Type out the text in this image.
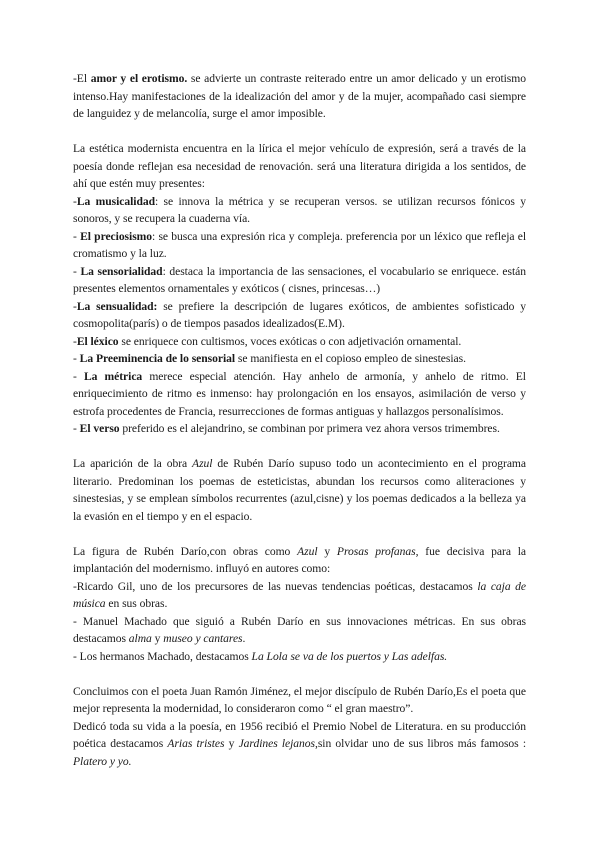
-El amor y el erotismo. se advierte un contraste reiterado entre un amor delicado y un erotismo intenso.Hay manifestaciones de la idealización del amor y de la mujer, acompañado casi siempre de languidez y de melancolía, surge el amor imposible.

La estética modernista encuentra en la lírica el mejor vehículo de expresión, será a través de la poesía donde reflejan esa necesidad de renovación. será una literatura dirigida a los sentidos, de ahí que estén muy presentes:

-La musicalidad: se innova la métrica y se recuperan versos. se utilizan recursos fónicos y sonoros, y se recupera la cuaderna vía.

- El preciosismo: se busca una expresión rica y compleja. preferencia por un léxico que refleja el cromatismo y la luz.

- La sensorialidad: destaca la importancia de las sensaciones, el vocabulario se enriquece. están presentes elementos ornamentales y exóticos ( cisnes, princesas…)

-La sensualidad: se prefiere la descripción de lugares exóticos, de ambientes sofisticado y cosmopolita(parís) o de tiempos pasados idealizados(E.M).

-El léxico se enriquece con cultismos, voces exóticas o con adjetivación ornamental.

- La Preeminencia de lo sensorial se manifiesta en el copioso empleo de sinestesias.

- La métrica merece especial atención. Hay anhelo de armonía, y anhelo de ritmo. El enriquecimiento de ritmo es inmenso: hay prolongación en los ensayos, asimilación de verso y estrofa procedentes de Francia, resurrecciones de formas antiguas y hallazgos personalísimos.

- El verso preferido es el alejandrino, se combinan por primera vez ahora versos trimembres.

La aparición de la obra Azul de Rubén Darío supuso todo un acontecimiento en el programa literario. Predominan los poemas de esteticistas, abundan los recursos como aliteraciones y sinestesias, y se emplean símbolos recurrentes (azul,cisne) y los poemas dedicados a la belleza ya la evasión en el tiempo y en el espacio.

La figura de Rubén Darío,con obras como Azul y Prosas profanas, fue decisiva para la implantación del modernismo. influyó en autores como:

-Ricardo Gil, uno de los precursores de las nuevas tendencias poéticas, destacamos la caja de música en sus obras.

- Manuel Machado que siguió a Rubén Darío en sus innovaciones métricas. En sus obras destacamos alma y museo y cantares.

- Los hermanos Machado, destacamos La Lola se va de los puertos y Las adelfas.

Concluimos con el poeta Juan Ramón Jiménez, el mejor discípulo de Rubén Darío,Es el poeta que mejor representa la modernidad, lo consideraron como “ el gran maestro”.

Dedicó toda su vida a la poesía, en 1956 recibió el Premio Nobel de Literatura. en su producción poética destacamos Arias tristes y Jardines lejanos,sin olvidar uno de sus libros más famosos : Platero y yo.
